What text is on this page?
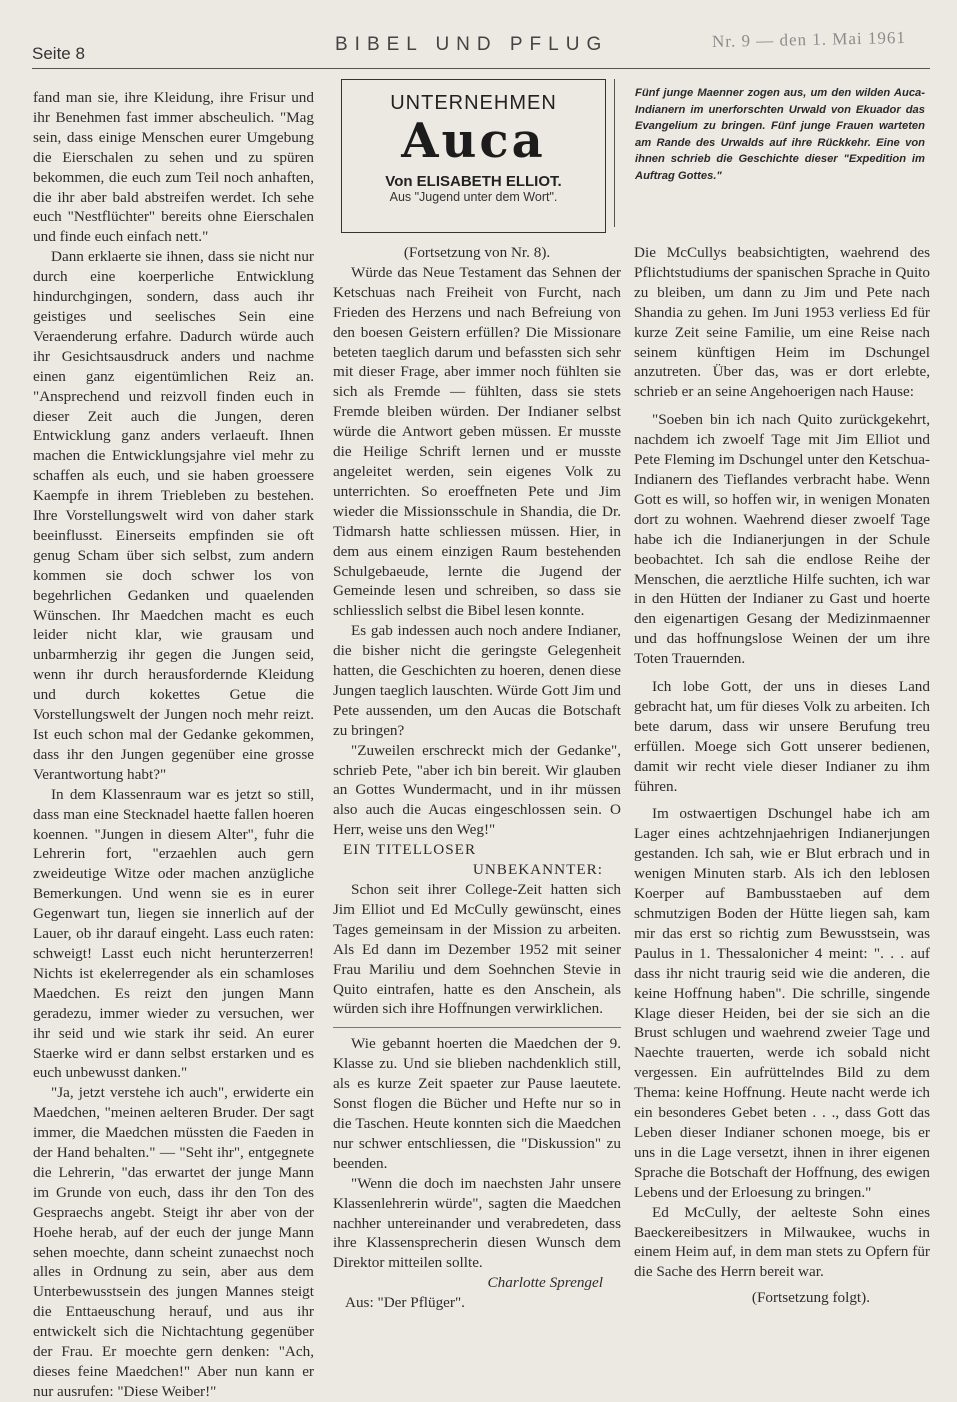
Seite 8	BIBEL UND PFLUG	Nr. 9 — den 1. Mai 1961

fand man sie, ihre Kleidung, ihre Frisur und ihr Benehmen fast immer abscheulich. "Mag sein, dass einige Menschen eurer Umgebung die Eierschalen zu sehen und zu spüren bekommen, die euch zum Teil noch anhaften, die ihr aber bald abstreifen werdet. Ich sehe euch "Nestflüchter" bereits ohne Eierschalen und finde euch einfach nett."

Dann erklaerte sie ihnen, dass sie nicht nur durch eine koerperliche Entwicklung hindurchgingen, sondern, dass auch ihr geistiges und seelisches Sein eine Veraenderung erfahre. Dadurch würde auch ihr Gesichtsausdruck anders und nachme einen ganz eigentümlichen Reiz an. "Ansprechend und reizvoll finden euch in dieser Zeit auch die Jungen, deren Entwicklung ganz anders verlaeuft. Ihnen machen die Entwicklungsjahre viel mehr zu schaffen als euch, und sie haben groessere Kaempfe in ihrem Triebleben zu bestehen. Ihre Vorstellungswelt wird von daher stark beeinflusst. Einerseits empfinden sie oft genug Scham über sich selbst, zum andern kommen sie doch schwer los von begehrlichen Gedanken und quaelenden Wünschen. Ihr Maedchen macht es euch leider nicht klar, wie grausam und unbarmherzig ihr gegen die Jungen seid, wenn ihr durch herausfordernde Kleidung und durch kokettes Getue die Vorstellungswelt der Jungen noch mehr reizt. Ist euch schon mal der Gedanke gekommen, dass ihr den Jungen gegenüber eine grosse Verantwortung habt?"

In dem Klassenraum war es jetzt so still, dass man eine Stecknadel haette fallen hoeren koennen. "Jungen in diesem Alter", fuhr die Lehrerin fort, "erzaehlen auch gern zweideutige Witze oder machen anzügliche Bemerkungen. Und wenn sie es in eurer Gegenwart tun, liegen sie innerlich auf der Lauer, ob ihr darauf eingeht. Lass euch raten: schweigt! Lasst euch nicht herunterzerren! Nichts ist ekelerregender als ein schamloses Maedchen. Es reizt den jungen Mann geradezu, immer wieder zu versuchen, wer ihr seid und wie stark ihr seid. An eurer Staerke wird er dann selbst erstarken und es euch unbewusst danken."

"Ja, jetzt verstehe ich auch", erwiderte ein Maedchen, "meinen aelteren Bruder. Der sagt immer, die Maedchen müssten die Faeden in der Hand behalten." — "Seht ihr", entgegnete die Lehrerin, "das erwartet der junge Mann im Grunde von euch, dass ihr den Ton des Gespraechs angebt. Steigt ihr aber von der Hoehe herab, auf der euch der junge Mann sehen moechte, dann scheint zunaechst noch alles in Ordnung zu sein, aber aus dem Unterbewusstsein des jungen Mannes steigt die Enttaeuschung herauf, und aus ihr entwickelt sich die Nichtachtung gegenüber der Frau. Er moechte gern denken: "Ach, dieses feine Maedchen!" Aber nun kann er nur ausrufen: "Diese Weiber!"

UNTERNEHMEN
Auca
Von ELISABETH ELLIOT.
Aus "Jugend unter dem Wort".

Fünf junge Maenner zogen aus, um den wilden Auca-Indianern im unerforschten Urwald von Ekuador das Evangelium zu bringen. Fünf junge Frauen warteten am Rande des Urwalds auf ihre Rückkehr. Eine von ihnen schrieb die Geschichte dieser "Expedition im Auftrag Gottes."

(Fortsetzung von Nr. 8).

Würde das Neue Testament das Sehnen der Ketschuas nach Freiheit von Furcht, nach Frieden des Herzens und nach Befreiung von den boesen Geistern erfüllen? Die Missionare beteten taeglich darum und befassten sich sehr mit dieser Frage, aber immer noch fühlten sie sich als Fremde — fühlten, dass sie stets Fremde bleiben würden. Der Indianer selbst würde die Antwort geben müssen. Er musste die Heilige Schrift lernen und er musste angeleitet werden, sein eigenes Volk zu unterrichten. So eroeffneten Pete und Jim wieder die Missionsschule in Shandia, die Dr. Tidmarsh hatte schliessen müssen. Hier, in dem aus einem einzigen Raum bestehenden Schulgebaeude, lernte die Jugend der Gemeinde lesen und schreiben, so dass sie schliesslich selbst die Bibel lesen konnte.

Es gab indessen auch noch andere Indianer, die bisher nicht die geringste Gelegenheit hatten, die Geschichten zu hoeren, denen diese Jungen taeglich lauschten. Würde Gott Jim und Pete aussenden, um den Aucas die Botschaft zu bringen?

"Zuweilen erschreckt mich der Gedanke", schrieb Pete, "aber ich bin bereit. Wir glauben an Gottes Wundermacht, und in ihr müssen also auch die Aucas eingeschlossen sein. O Herr, weise uns den Weg!"

EIN TITELLOSER

UNBEKANNTER:

Schon seit ihrer College-Zeit hatten sich Jim Elliot und Ed McCully gewünscht, eines Tages gemeinsam in der Mission zu arbeiten. Als Ed dann im Dezember 1952 mit seiner Frau Mariliu und dem Soehnchen Stevie in Quito eintrafen, hatte es den Anschein, als würden sich ihre Hoffnungen verwirklichen.

Wie gebannt hoerten die Maedchen der 9. Klasse zu. Und sie blieben nachdenklich still, als es kurze Zeit spaeter zur Pause laeutete. Sonst flogen die Bücher und Hefte nur so in die Taschen. Heute konnten sich die Maedchen nur schwer entschliessen, die "Diskussion" zu beenden.

"Wenn die doch im naechsten Jahr unsere Klassenlehrerin würde", sagten die Maedchen nachher untereinander und verabredeten, dass ihre Klassensprecherin diesen Wunsch dem Direktor mitteilen sollte.

Charlotte Sprengel

Aus: "Der Pflüger".

Die McCullys beabsichtigten, waehrend des Pflichtstudiums der spanischen Sprache in Quito zu bleiben, um dann zu Jim und Pete nach Shandia zu gehen. Im Juni 1953 verliess Ed für kurze Zeit seine Familie, um eine Reise nach seinem künftigen Heim im Dschungel anzutreten. Über das, was er dort erlebte, schrieb er an seine Angehoerigen nach Hause:

"Soeben bin ich nach Quito zurückgekehrt, nachdem ich zwoelf Tage mit Jim Elliot und Pete Fleming im Dschungel unter den Ketschua-Indianern des Tieflandes verbracht habe. Wenn Gott es will, so hoffen wir, in wenigen Monaten dort zu wohnen. Waehrend dieser zwoelf Tage habe ich die Indianerjungen in der Schule beobachtet. Ich sah die endlose Reihe der Menschen, die aerztliche Hilfe suchten, ich war in den Hütten der Indianer zu Gast und hoerte den eigenartigen Gesang der Medizinmaenner und das hoffnungslose Weinen der um ihre Toten Trauernden.

Ich lobe Gott, der uns in dieses Land gebracht hat, um für dieses Volk zu arbeiten. Ich bete darum, dass wir unsere Berufung treu erfüllen. Moege sich Gott unserer bedienen, damit wir recht viele dieser Indianer zu ihm führen.

Im ostwaertigen Dschungel habe ich am Lager eines achtzehnjaehrigen Indianerjungen gestanden. Ich sah, wie er Blut erbrach und in wenigen Minuten starb. Als ich den leblosen Koerper auf Bambusstaeben auf dem schmutzigen Boden der Hütte liegen sah, kam mir das erst so richtig zum Bewusstsein, was Paulus in 1. Thessalonicher 4 meint: ". . . auf dass ihr nicht traurig seid wie die anderen, die keine Hoffnung haben". Die schrille, singende Klage dieser Heiden, bei der sie sich an die Brust schlugen und waehrend zweier Tage und Naechte trauerten, werde ich sobald nicht vergessen. Ein aufrüttelndes Bild zu dem Thema: keine Hoffnung. Heute nacht werde ich ein besonderes Gebet beten . . ., dass Gott das Leben dieser Indianer schonen moege, bis er uns in die Lage versetzt, ihnen in ihrer eigenen Sprache die Botschaft der Hoffnung, des ewigen Lebens und der Erloesung zu bringen."

Ed McCully, der aelteste Sohn eines Baeckereibesitzers in Milwaukee, wuchs in einem Heim auf, in dem man stets zu Opfern für die Sache des Herrn bereit war.

(Fortsetzung folgt).
